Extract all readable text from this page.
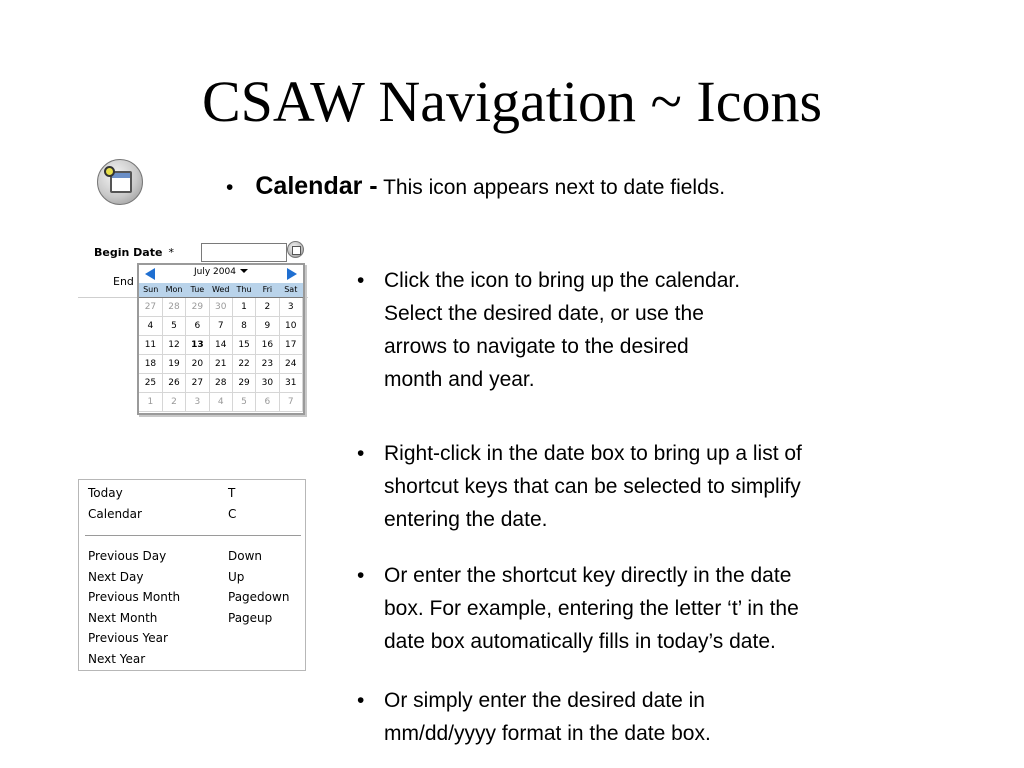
CSAW Navigation ~ Icons
• Calendar - This icon appears next to date fields.
Begin Date *
End
July 2004
Sun	Mon	Tue	Wed	Thu	Fri	Sat
27	28	29	30	1	2	3
4	5	6	7	8	9	10
11	12	13	14	15	16	17
18	19	20	21	22	23	24
25	26	27	28	29	30	31
1	2	3	4	5	6	7
Today	T
Calendar	C
Previous Day	Down
Next Day	Up
Previous Month	Pagedown
Next Month	Pageup
Previous Year
Next Year
• Click the icon to bring up the calendar.
Select the desired date, or use the
arrows to navigate to the desired
month and year.
• Right-click in the date box to bring up a list of
shortcut keys that can be selected to simplify
entering the date.
• Or enter the shortcut key directly in the date
box. For example, entering the letter ‘t’ in the
date box automatically fills in today’s date.
• Or simply enter the desired date in
mm/dd/yyyy format in the date box.
